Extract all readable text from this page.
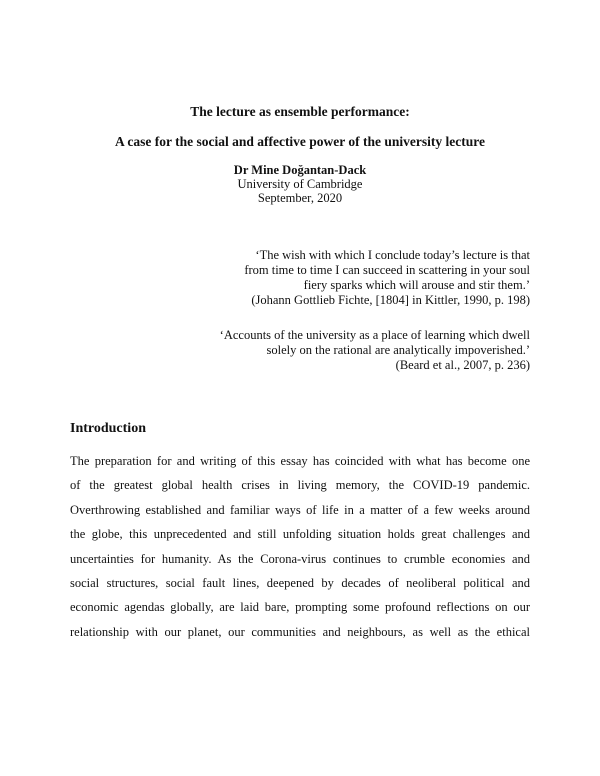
The lecture as ensemble performance:
A case for the social and affective power of the university lecture
Dr Mine Doğantan-Dack
University of Cambridge
September, 2020
‘The wish with which I conclude today’s lecture is that
from time to time I can succeed in scattering in your soul
fiery sparks which will arouse and stir them.’
(Johann Gottlieb Fichte, [1804] in Kittler, 1990, p. 198)
‘Accounts of the university as a place of learning which dwell
solely on the rational are analytically impoverished.’
(Beard et al., 2007, p. 236)
Introduction
The preparation for and writing of this essay has coincided with what has become one
of the greatest global health crises in living memory, the COVID-19 pandemic.
Overthrowing established and familiar ways of life in a matter of a few weeks around
the globe, this unprecedented and still unfolding situation holds great challenges and
uncertainties for humanity. As the Corona-virus continues to crumble economies and
social structures, social fault lines, deepened by decades of neoliberal political and
economic agendas globally, are laid bare, prompting some profound reflections on our
relationship with our planet, our communities and neighbours, as well as the ethical
